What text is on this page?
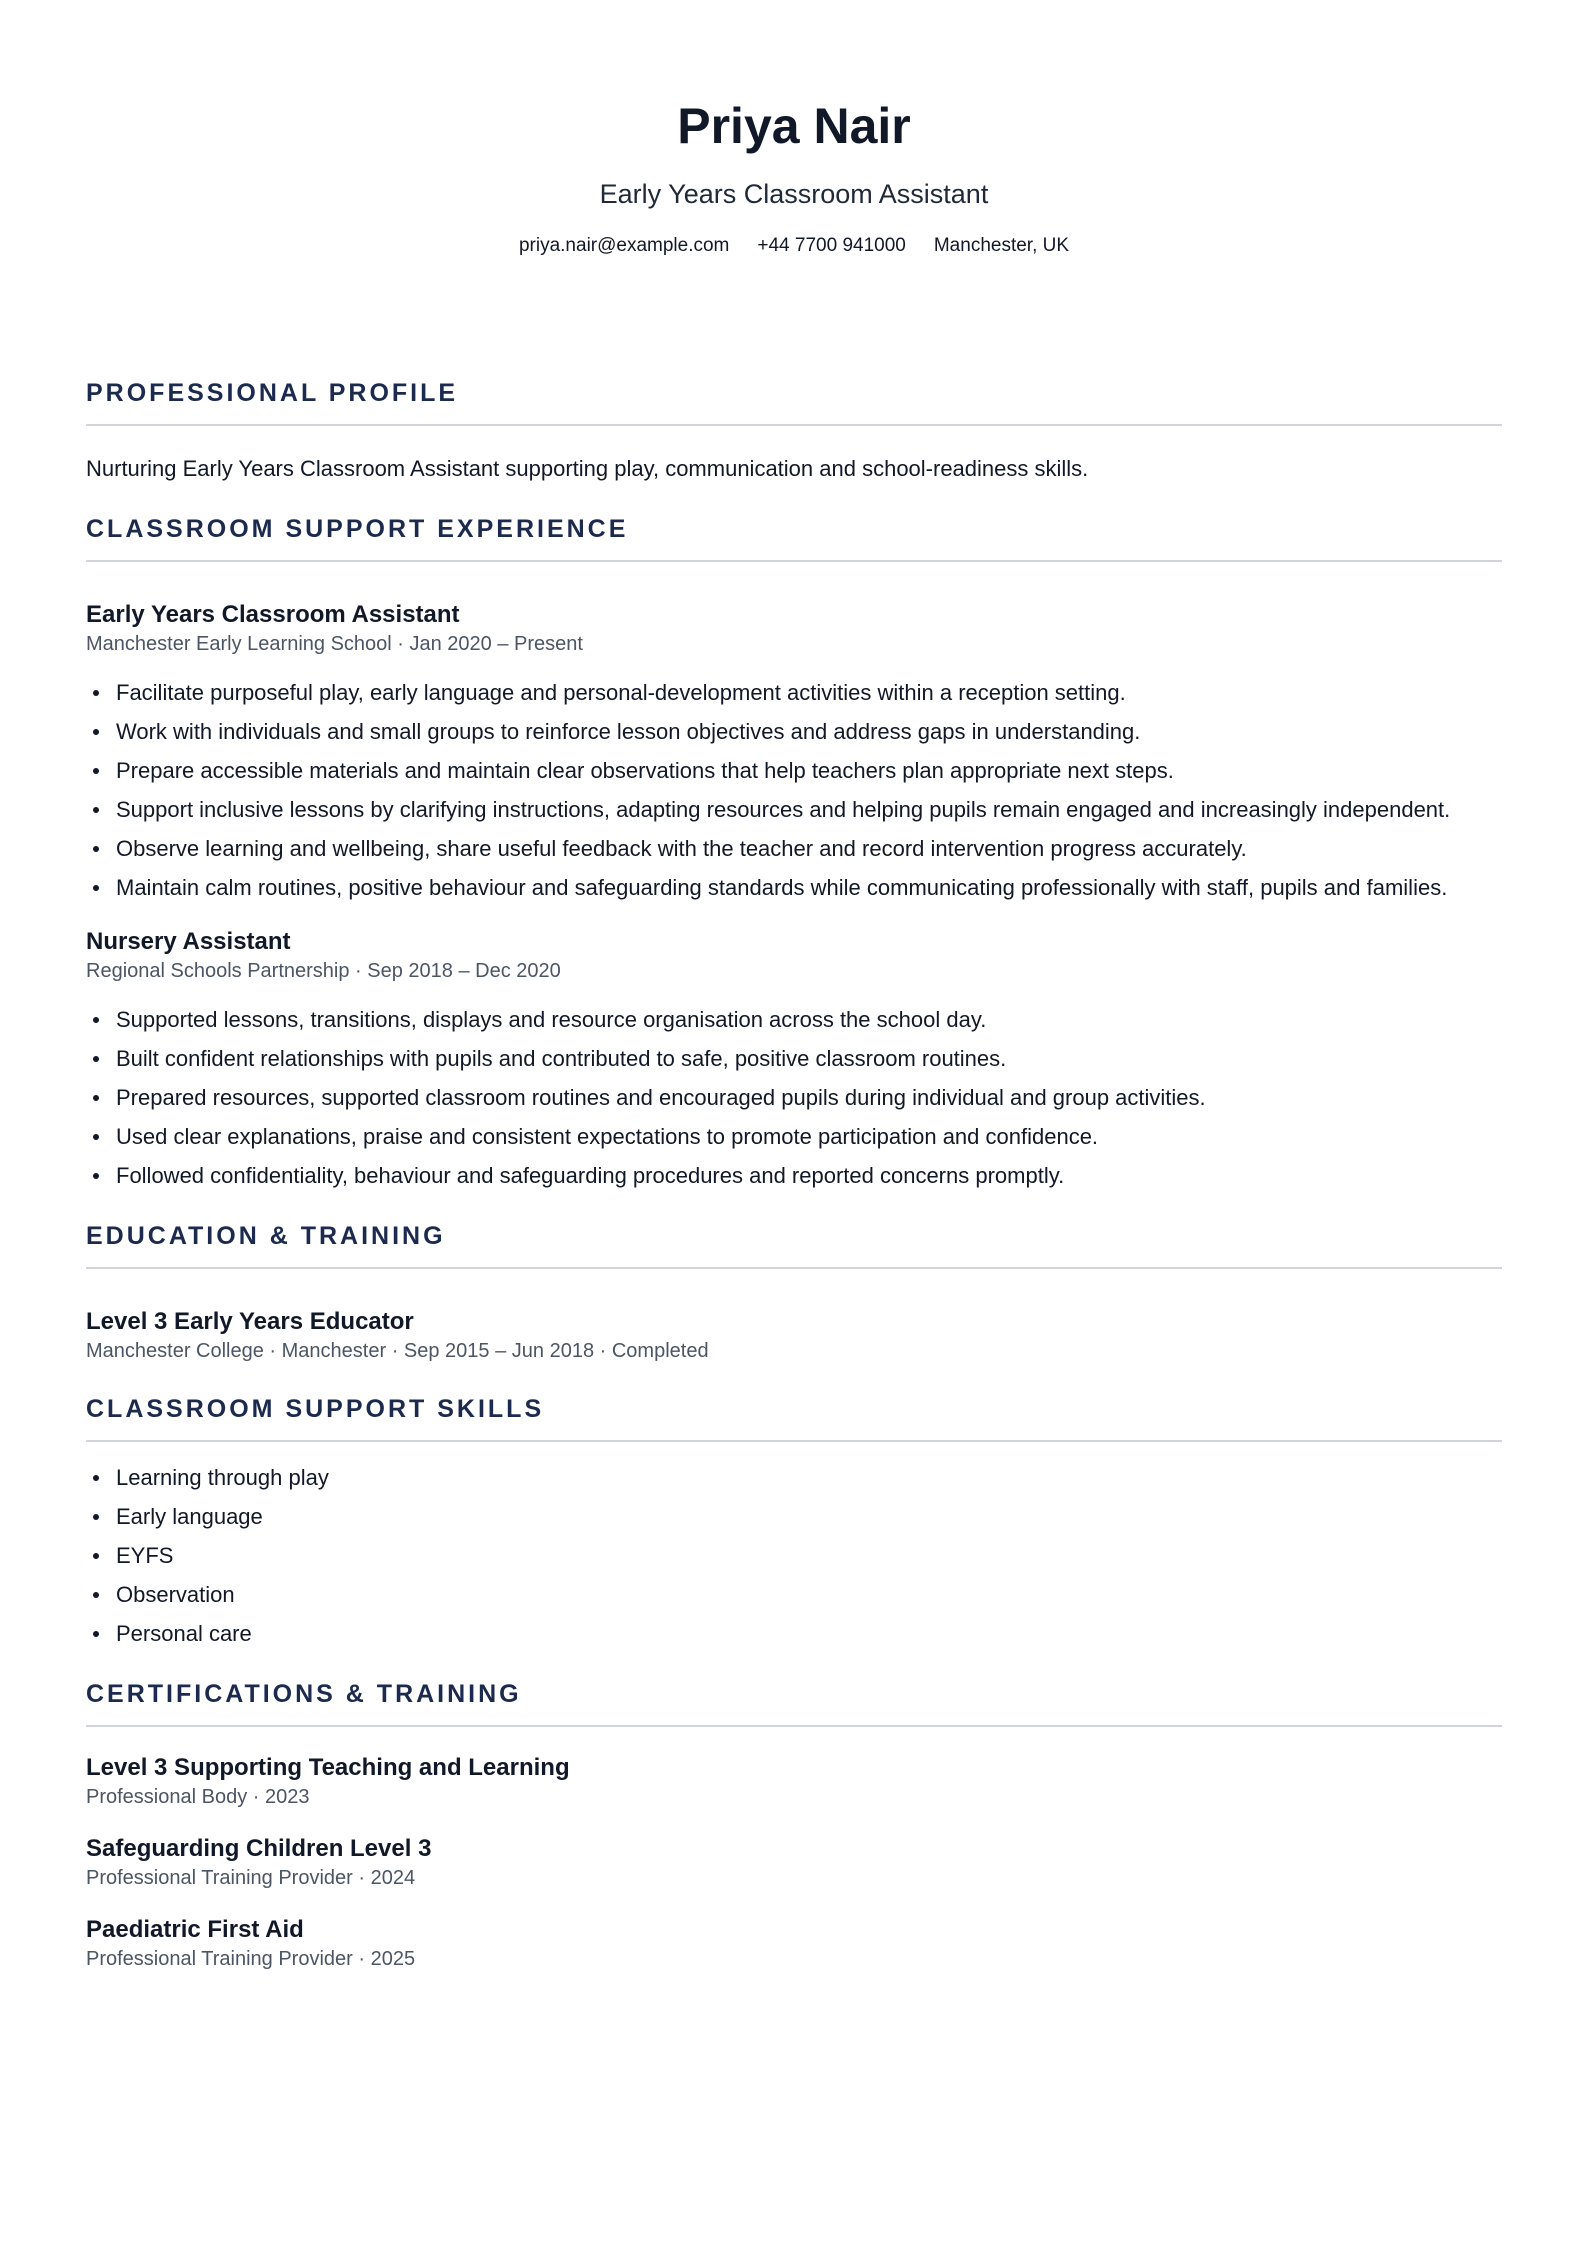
Priya Nair
Early Years Classroom Assistant
priya.nair@example.com +44 7700 941000 Manchester, UK
PROFESSIONAL PROFILE
Nurturing Early Years Classroom Assistant supporting play, communication and school-readiness skills.
CLASSROOM SUPPORT EXPERIENCE
Early Years Classroom Assistant
Manchester Early Learning School · Jan 2020 – Present
Facilitate purposeful play, early language and personal-development activities within a reception setting.
Work with individuals and small groups to reinforce lesson objectives and address gaps in understanding.
Prepare accessible materials and maintain clear observations that help teachers plan appropriate next steps.
Support inclusive lessons by clarifying instructions, adapting resources and helping pupils remain engaged and increasingly independent.
Observe learning and wellbeing, share useful feedback with the teacher and record intervention progress accurately.
Maintain calm routines, positive behaviour and safeguarding standards while communicating professionally with staff, pupils and families.
Nursery Assistant
Regional Schools Partnership · Sep 2018 – Dec 2020
Supported lessons, transitions, displays and resource organisation across the school day.
Built confident relationships with pupils and contributed to safe, positive classroom routines.
Prepared resources, supported classroom routines and encouraged pupils during individual and group activities.
Used clear explanations, praise and consistent expectations to promote participation and confidence.
Followed confidentiality, behaviour and safeguarding procedures and reported concerns promptly.
EDUCATION & TRAINING
Level 3 Early Years Educator
Manchester College · Manchester · Sep 2015 – Jun 2018 · Completed
CLASSROOM SUPPORT SKILLS
Learning through play
Early language
EYFS
Observation
Personal care
CERTIFICATIONS & TRAINING
Level 3 Supporting Teaching and Learning
Professional Body · 2023
Safeguarding Children Level 3
Professional Training Provider · 2024
Paediatric First Aid
Professional Training Provider · 2025
